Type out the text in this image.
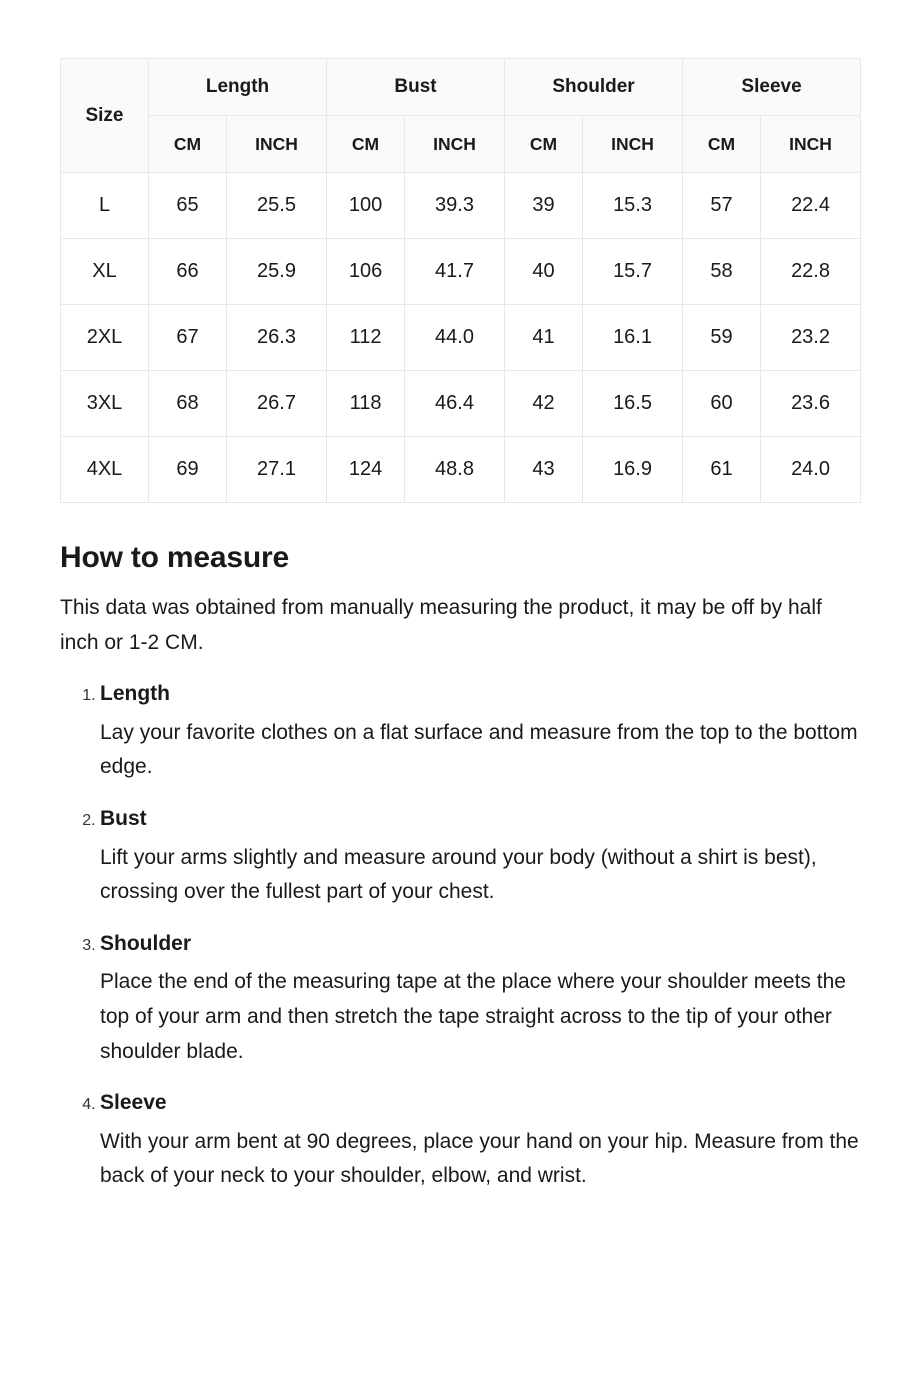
Size	Length		Bust		Shoulder		Sleeve	
	CM	INCH	CM	INCH	CM	INCH	CM	INCH
L	65	25.5	100	39.3	39	15.3	57	22.4
XL	66	25.9	106	41.7	40	15.7	58	22.8
2XL	67	26.3	112	44.0	41	16.1	59	23.2
3XL	68	26.7	118	46.4	42	16.5	60	23.6
4XL	69	27.1	124	48.8	43	16.9	61	24.0
How to measure

This data was obtained from manually measuring the product, it may be off by half inch or 1-2 CM.

1. Length
Lay your favorite clothes on a flat surface and measure from the top to the bottom edge.
2. Bust
Lift your arms slightly and measure around your body (without a shirt is best), crossing over the fullest part of your chest.
3. Shoulder
Place the end of the measuring tape at the place where your shoulder meets the top of your arm and then stretch the tape straight across to the tip of your other shoulder blade.
4. Sleeve
With your arm bent at 90 degrees, place your hand on your hip. Measure from the back of your neck to your shoulder, elbow, and wrist.
